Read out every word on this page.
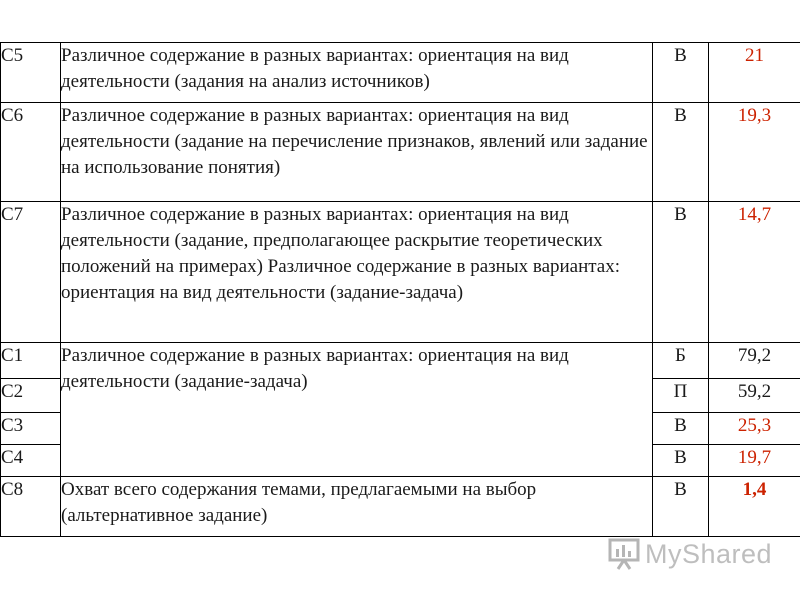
С5	Различное содержание в разных вариантах: ориентация на вид деятельности (задания на анализ источников)	В	21
С6	Различное содержание в разных вариантах: ориентация на вид деятельности (задание на перечисление признаков, явлений или задание на использование понятия)	В	19,3
С7	Различное содержание в разных вариантах: ориентация на вид деятельности (задание, предполагающее раскрытие теоретических положений на примерах) Различное содержание в разных вариантах: ориентация на вид деятельности (задание-задача)	В	14,7
С1	Различное содержание в разных вариантах: ориентация на вид деятельности (задание-задача)	Б	79,2
С2		П	59,2
С3		В	25,3
С4		В	19,7
С8	Охват всего содержания темами, предлагаемыми на выбор (альтернативное задание)	В	1,4
MyShared
